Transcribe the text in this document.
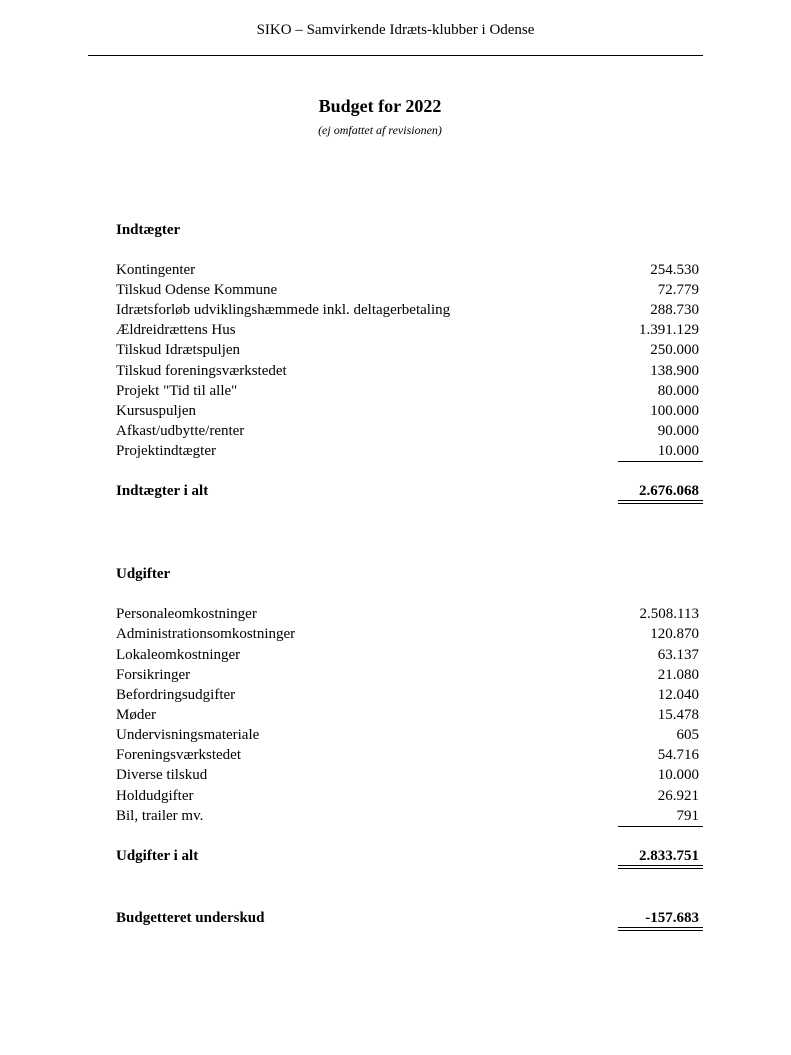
SIKO – Samvirkende Idræts-klubber i Odense
Budget for 2022
(ej omfattet af revisionen)
Indtægter
Kontingenter	254.530
Tilskud Odense Kommune	72.779
Idrætsforløb udviklingshæmmede inkl. deltagerbetaling	288.730
Ældreidrættens Hus	1.391.129
Tilskud Idrætspuljen	250.000
Tilskud foreningsværkstedet	138.900
Projekt "Tid til alle"	80.000
Kursuspuljen	100.000
Afkast/udbytte/renter	90.000
Projektindtægter	10.000
Indtægter i alt	2.676.068
Udgifter
Personaleomkostninger	2.508.113
Administrationsomkostninger	120.870
Lokaleomkostninger	63.137
Forsikringer	21.080
Befordringsudgifter	12.040
Møder	15.478
Undervisningsmateriale	605
Foreningsværkstedet	54.716
Diverse tilskud	10.000
Holdudgifter	26.921
Bil, trailer mv.	791
Udgifter i alt	2.833.751
Budgetteret underskud	-157.683
